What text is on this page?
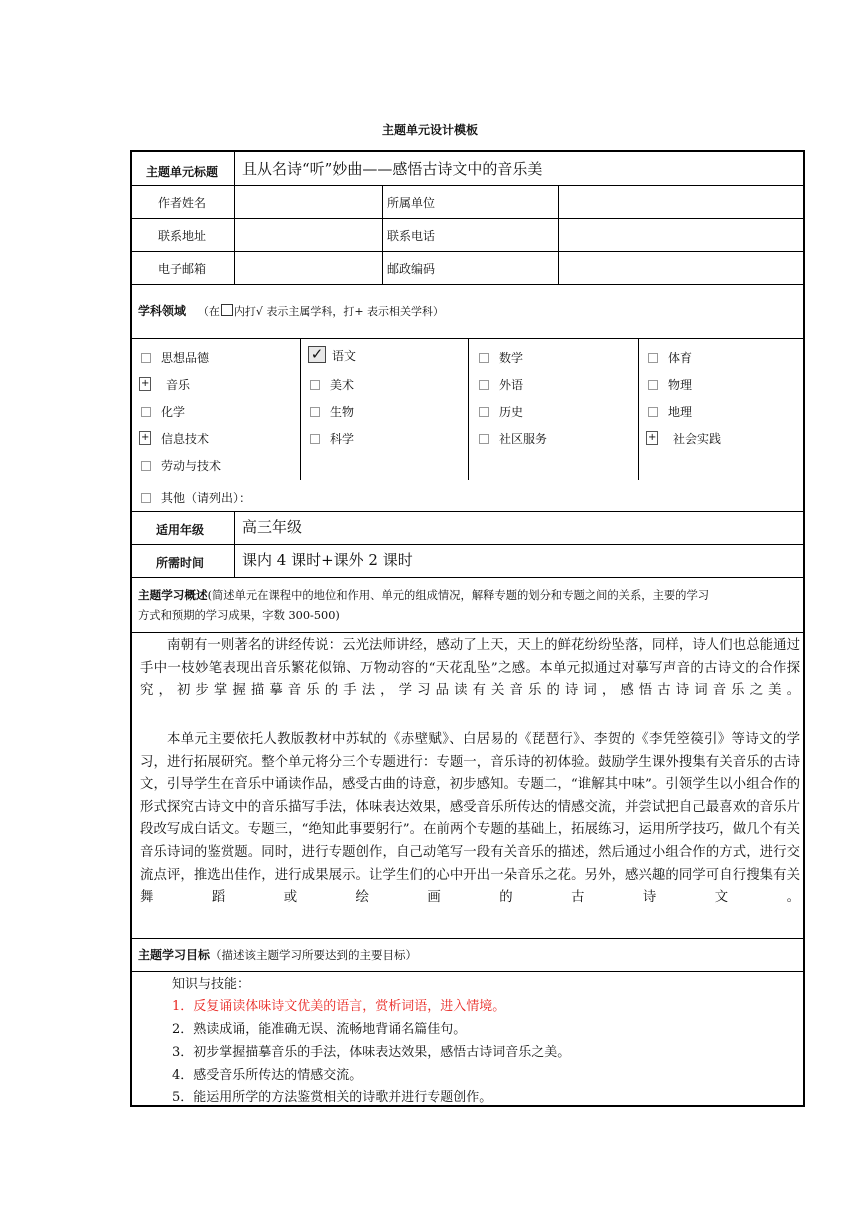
主题单元设计模板
主题单元标题 且从名诗“听”妙曲——感悟古诗文中的音乐美
作者姓名	所属单位
联系地址	联系电话
电子邮箱	邮政编码
学科领域 （在 内打√ 表示主属学科，打+ 表示相关学科）
思想品德
+ 音乐
化学
+ 信息技术
劳动与技术
✓ 语文
美术
生物
科学
数学
外语
历史
社区服务
体育
物理
地理
+ 社会实践
其他（请列出）：
适用年级	高三年级
所需时间	课内 4 课时+课外 2 课时
主题学习概述(简述单元在课程中的地位和作用、单元的组成情况，解释专题的划分和专题之间的关系，主要的学习
方式和预期的学习成果，字数 300-500)

南朝有一则著名的讲经传说：云光法师讲经，感动了上天，天上的鲜花纷纷坠落，同样，诗人们也总能通过手中一枝妙笔表现出音乐繁花似锦、万物动容的“天花乱坠”之感。本单元拟通过对摹写声音的古诗文的合作探究，初步掌握描摹音乐的手法，学习品读有关音乐的诗词，感悟古诗词音乐之美。

本单元主要依托人教版教材中苏轼的《赤壁赋》、白居易的《琵琶行》、李贺的《李凭箜篌引》等诗文的学习，进行拓展研究。整个单元将分三个专题进行：专题一，音乐诗的初体验。鼓励学生课外搜集有关音乐的古诗文，引导学生在音乐中诵读作品，感受古曲的诗意，初步感知。专题二，“谁解其中味”。引领学生以小组合作的形式探究古诗文中的音乐描写手法，体味表达效果，感受音乐所传达的情感交流，并尝试把自己最喜欢的音乐片段改写成白话文。专题三，“绝知此事要躬行”。在前两个专题的基础上，拓展练习，运用所学技巧，做几个有关音乐诗词的鉴赏题。同时，进行专题创作，自己动笔写一段有关音乐的描述，然后通过小组合作的方式，进行交流点评，推选出佳作，进行成果展示。让学生们的心中开出一朵音乐之花。另外，感兴趣的同学可自行搜集有关舞蹈或绘画的古诗文。

主题学习目标（描述该主题学习所要达到的主要目标）
知识与技能：
1．反复诵读体味诗文优美的语言，赏析词语，进入情境。
2．熟读成诵，能准确无误、流畅地背诵名篇佳句。
3．初步掌握描摹音乐的手法，体味表达效果，感悟古诗词音乐之美。
4．感受音乐所传达的情感交流。
5．能运用所学的方法鉴赏相关的诗歌并进行专题创作。
